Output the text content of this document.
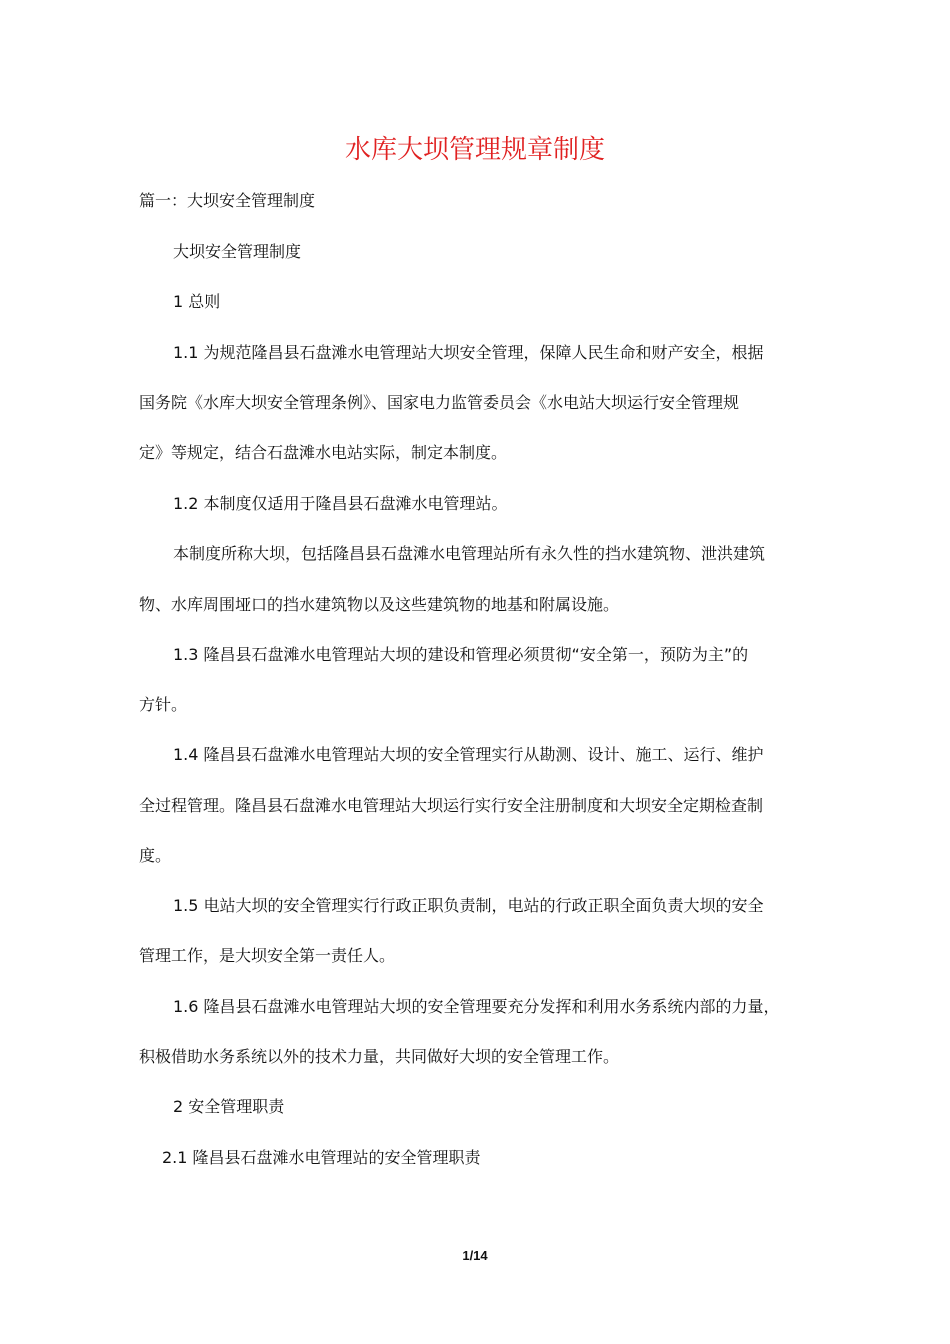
水库大坝管理规章制度

篇一：大坝安全管理制度

大坝安全管理制度

1 总则

1.1 为规范隆昌县石盘滩水电管理站大坝安全管理，保障人民生命和财产安全，根据

国务院《水库大坝安全管理条例》、国家电力监管委员会《水电站大坝运行安全管理规

定》等规定，结合石盘滩水电站实际，制定本制度。

1.2 本制度仅适用于隆昌县石盘滩水电管理站。

本制度所称大坝，包括隆昌县石盘滩水电管理站所有永久性的挡水建筑物、泄洪建筑

物、水库周围垭口的挡水建筑物以及这些建筑物的地基和附属设施。

1.3 隆昌县石盘滩水电管理站大坝的建设和管理必须贯彻“安全第一，预防为主”的

方针。

1.4 隆昌县石盘滩水电管理站大坝的安全管理实行从勘测、设计、施工、运行、维护

全过程管理。隆昌县石盘滩水电管理站大坝运行实行安全注册制度和大坝安全定期检查制

度。

1.5 电站大坝的安全管理实行行政正职负责制，电站的行政正职全面负责大坝的安全

管理工作，是大坝安全第一责任人。

1.6 隆昌县石盘滩水电管理站大坝的安全管理要充分发挥和利用水务系统内部的力量，

积极借助水务系统以外的技术力量，共同做好大坝的安全管理工作。

2 安全管理职责

2.1 隆昌县石盘滩水电管理站的安全管理职责

1/14
